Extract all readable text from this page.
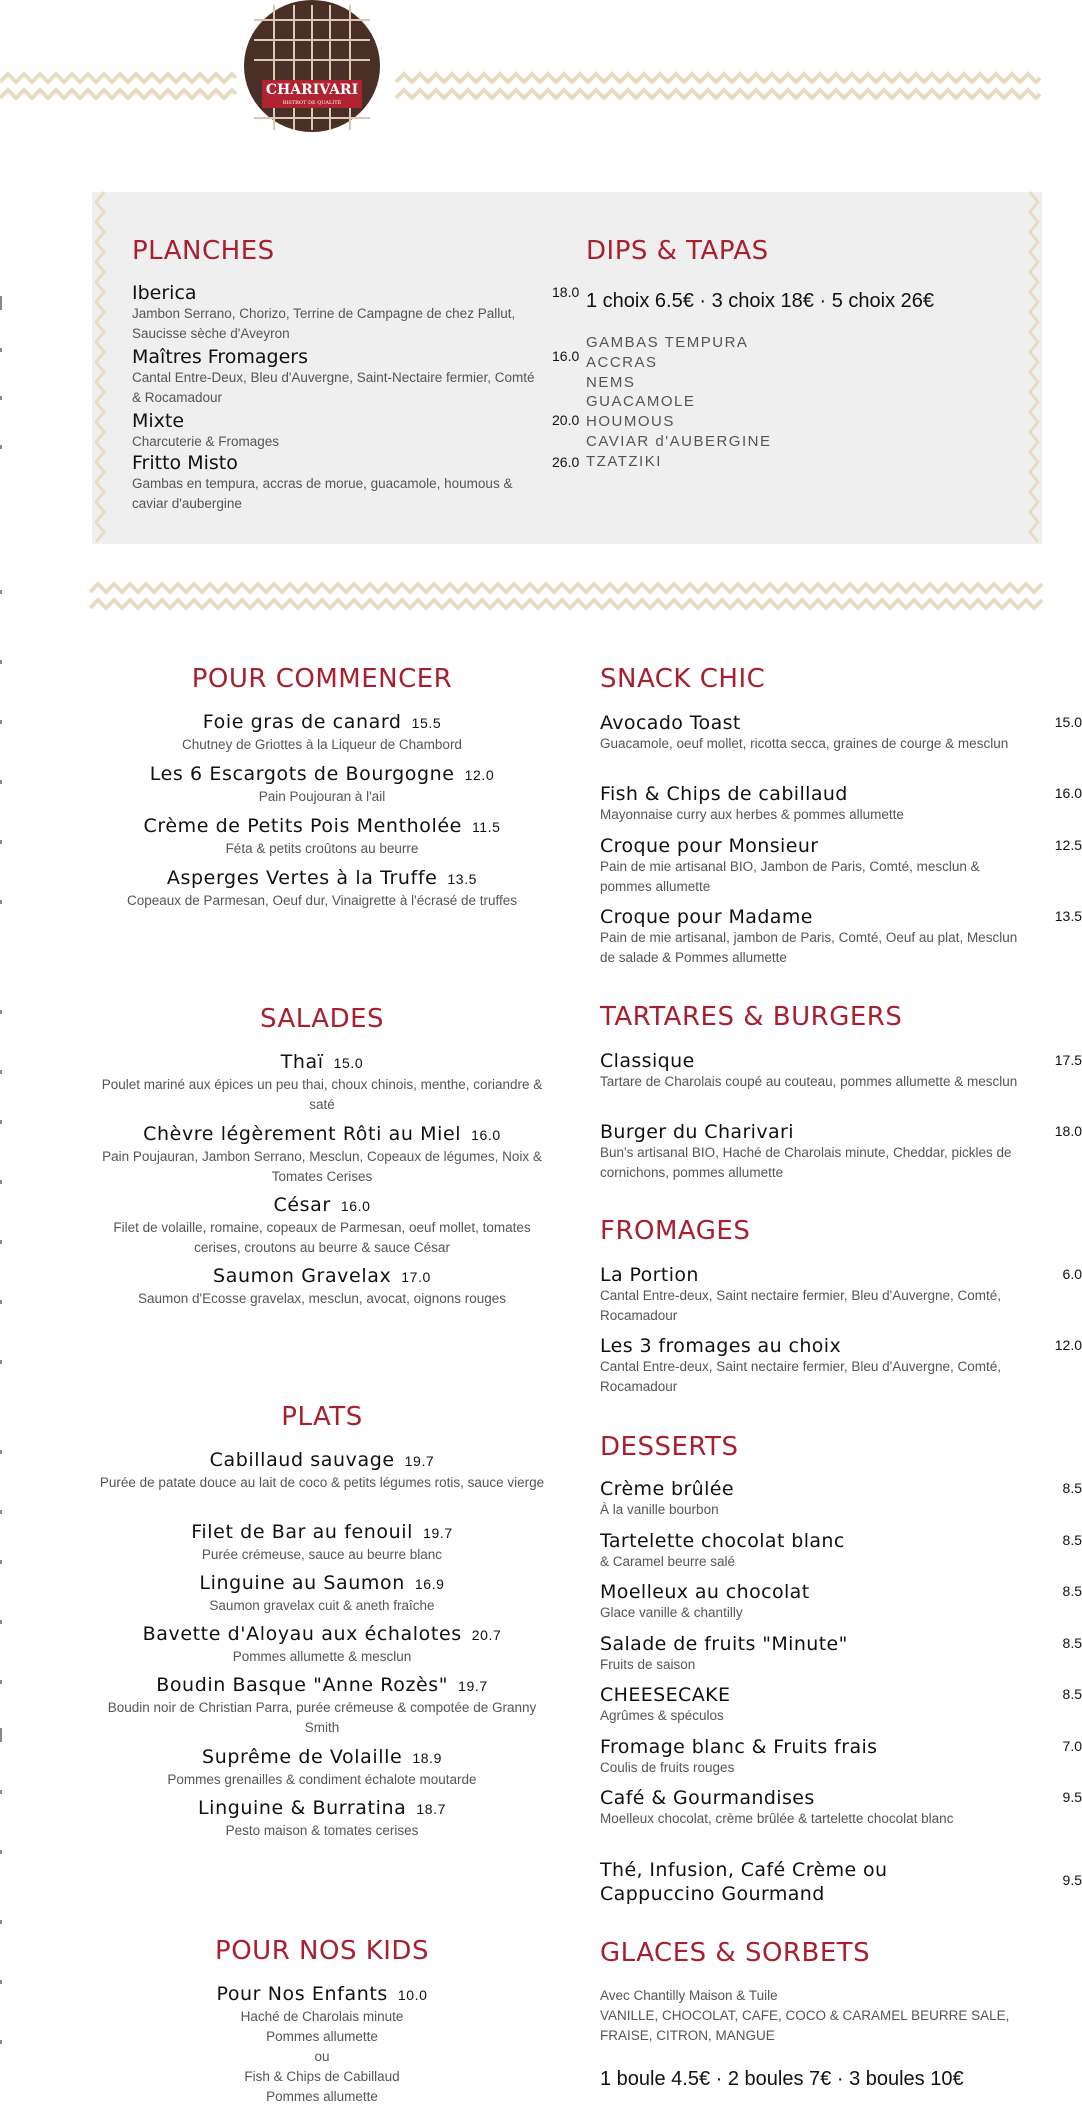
CHARIVARI
BISTROT DE QUALITÉ
PLANCHES
Iberica
Jambon Serrano, Chorizo, Terrine de Campagne de chez Pallut, Saucisse sèche d'Aveyron
18.0
Maîtres Fromagers
Cantal Entre-Deux, Bleu d'Auvergne, Saint-Nectaire fermier, Comté & Rocamadour
16.0
Mixte
Charcuterie & Fromages
20.0
Fritto Misto
Gambas en tempura, accras de morue, guacamole, houmous & caviar d'aubergine
26.0
DIPS & TAPAS
1 choix 6.5€ · 3 choix 18€ · 5 choix 26€
GAMBAS TEMPURA
ACCRAS
NEMS
GUACAMOLE
HOUMOUS
CAVIAR d'AUBERGINE
TZATZIKI
POUR COMMENCER
Foie gras de canard 15.5
Chutney de Griottes à la Liqueur de Chambord
Les 6 Escargots de Bourgogne 12.0
Pain Poujouran à l'ail
Crème de Petits Pois Mentholée 11.5
Féta & petits croûtons au beurre
Asperges Vertes à la Truffe 13.5
Copeaux de Parmesan, Oeuf dur, Vinaigrette à l'écrasé de truffes
SALADES
Thaï 15.0
Poulet mariné aux épices un peu thai, choux chinois, menthe, coriandre & saté
Chèvre légèrement Rôti au Miel 16.0
Pain Poujauran, Jambon Serrano, Mesclun, Copeaux de légumes, Noix & Tomates Cerises
César 16.0
Filet de volaille, romaine, copeaux de Parmesan, oeuf mollet, tomates cerises, croutons au beurre & sauce César
Saumon Gravelax 17.0
Saumon d'Ecosse gravelax, mesclun, avocat, oignons rouges
PLATS
Cabillaud sauvage 19.7
Purée de patate douce au lait de coco & petits légumes rotis, sauce vierge
Filet de Bar au fenouil 19.7
Purée crémeuse, sauce au beurre blanc
Linguine au Saumon 16.9
Saumon gravelax cuit & aneth fraîche
Bavette d'Aloyau aux échalotes 20.7
Pommes allumette & mesclun
Boudin Basque "Anne Rozès" 19.7
Boudin noir de Christian Parra, purée crémeuse & compotée de Granny Smith
Suprême de Volaille 18.9
Pommes grenailles & condiment échalote moutarde
Linguine & Burratina 18.7
Pesto maison & tomates cerises
POUR NOS KIDS
Pour Nos Enfants 10.0
Haché de Charolais minute
Pommes allumette
ou
Fish & Chips de Cabillaud
Pommes allumette
SNACK CHIC
Avocado Toast
Guacamole, oeuf mollet, ricotta secca, graines de courge & mesclun
15.0
Fish & Chips de cabillaud
Mayonnaise curry aux herbes & pommes allumette
16.0
Croque pour Monsieur
Pain de mie artisanal BIO, Jambon de Paris, Comté, mesclun & pommes allumette
12.5
Croque pour Madame
Pain de mie artisanal, jambon de Paris, Comté, Oeuf au plat, Mesclun de salade & Pommes allumette
13.5
TARTARES & BURGERS
Classique
Tartare de Charolais coupé au couteau, pommes allumette & mesclun
17.5
Burger du Charivari
Bun's artisanal BIO, Haché de Charolais minute, Cheddar, pickles de cornichons, pommes allumette
18.0
FROMAGES
La Portion
Cantal Entre-deux, Saint nectaire fermier, Bleu d'Auvergne, Comté, Rocamadour
6.0
Les 3 fromages au choix
Cantal Entre-deux, Saint nectaire fermier, Bleu d'Auvergne, Comté, Rocamadour
12.0
DESSERTS
Crème brûlée
À la vanille bourbon
8.5
Tartelette chocolat blanc
& Caramel beurre salé
8.5
Moelleux au chocolat
Glace vanille & chantilly
8.5
Salade de fruits "Minute"
Fruits de saison
8.5
CHEESECAKE
Agrûmes & spéculos
8.5
Fromage blanc & Fruits frais
Coulis de fruits rouges
7.0
Café & Gourmandises
Moelleux chocolat, crème brûlée & tartelette chocolat blanc
9.5
Thé, Infusion, Café Crème ou Cappuccino Gourmand
9.5
GLACES & SORBETS
Avec Chantilly Maison & Tuile
VANILLE, CHOCOLAT, CAFE, COCO & CARAMEL BEURRE SALE, FRAISE, CITRON, MANGUE
1 boule 4.5€ · 2 boules 7€ · 3 boules 10€
